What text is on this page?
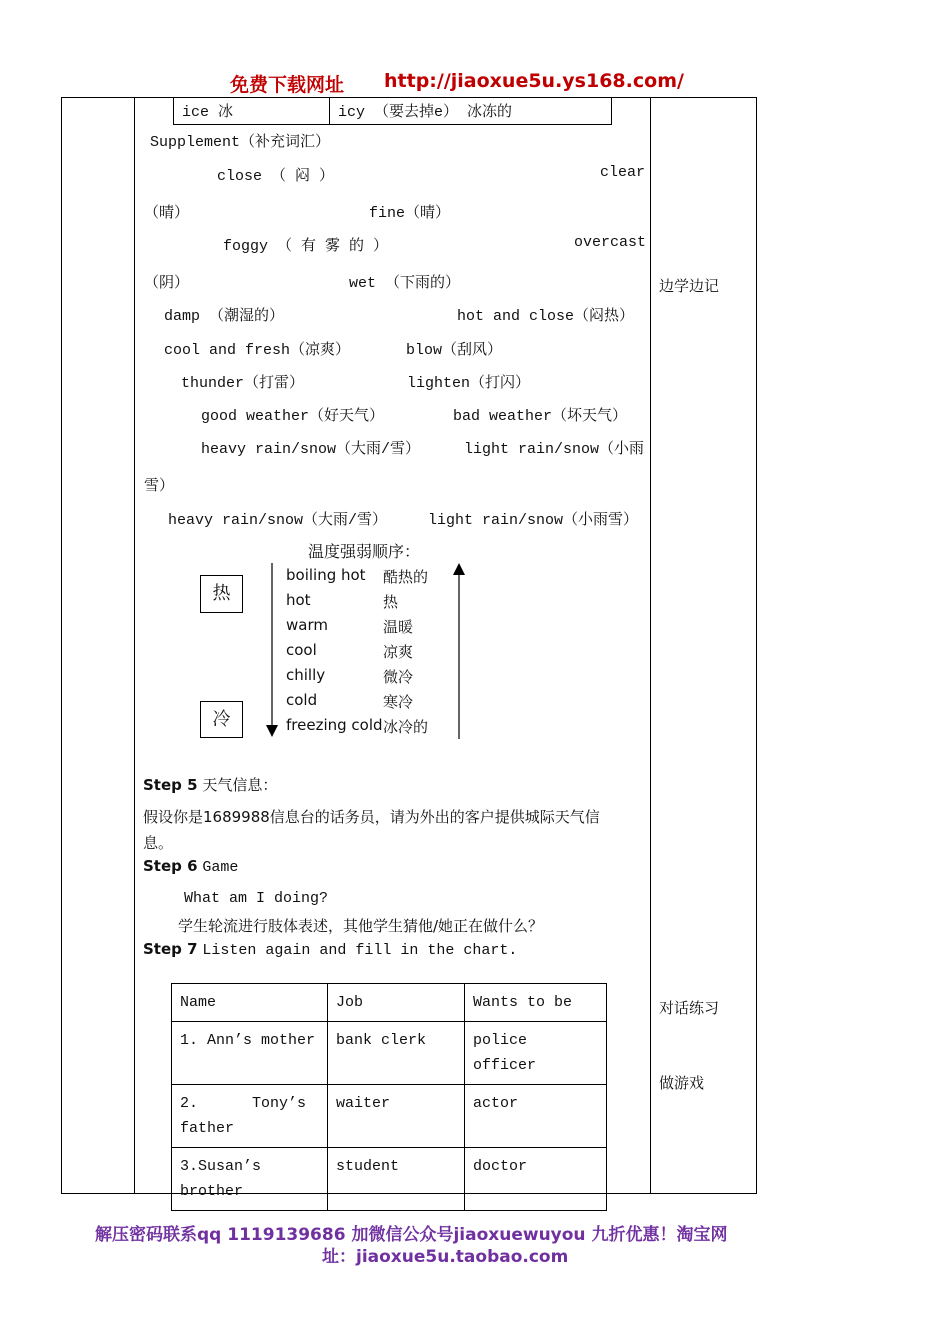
免费下载网址 http://jiaoxue5u.ys168.com/
ice 冰	icy （要去掉e） 冰冻的
Supplement（补充词汇）
close （ 闷 ）	clear
（晴）	fine（晴）
foggy （ 有 雾 的 ）	overcast
（阴）	wet （下雨的）
damp （潮湿的）	hot and close（闷热）
cool and fresh（凉爽）	blow（刮风）
thunder（打雷）	lighten（打闪）
good weather（好天气）	bad weather（坏天气）
heavy rain/snow（大雨/雪）	light rain/snow（小雨
雪）
heavy rain/snow（大雨/雪）	light rain/snow（小雨雪）
温度强弱顺序：
热
冷
boiling hot 酷热的
hot	热
warm	温暖
cool	凉爽
chilly	微冷
cold	寒冷
freezing cold 冰冷的
Step 5 天气信息：
假设你是1689988信息台的话务员，请为外出的客户提供城际天气信
息。
Step 6 Game
What am I doing?
学生轮流进行肢体表述，其他学生猜他/她正在做什么？
Step 7 Listen again and fill in the chart.
Name	Job	Wants to be
1. Ann’s mother	bank clerk	police officer
2.      Tony’s father	waiter	actor
3.Susan’s brother	student	doctor
边学边记
对话练习
做游戏
解压密码联系qq 1119139686 加微信公众号jiaoxuewuyou 九折优惠！淘宝网
址：jiaoxue5u.taobao.com
